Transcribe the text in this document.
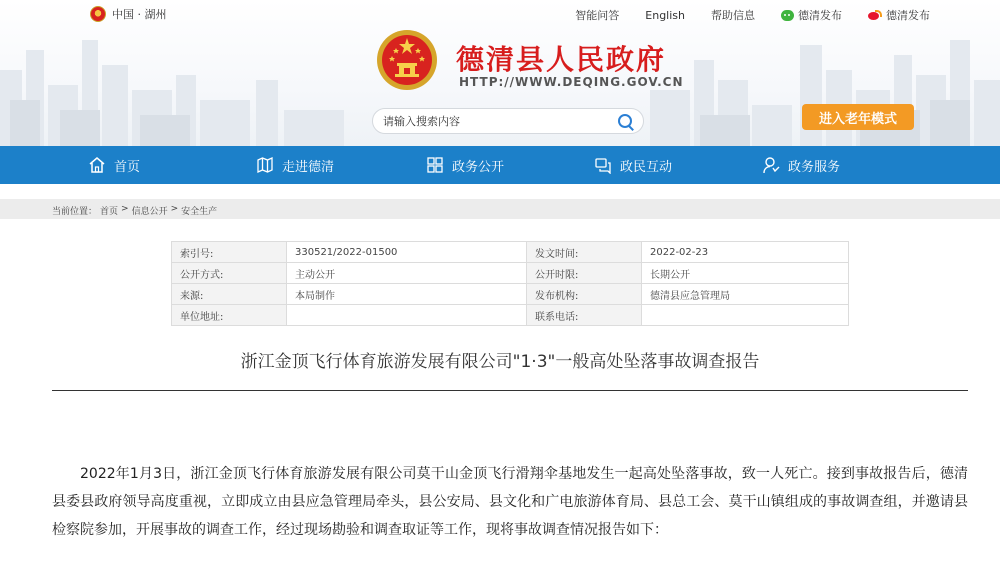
中国 · 湖州	智能问答 English 帮助信息	德清发布	德清发布
德清县人民政府
HTTP://WWW.DEQING.GOV.CN
请输入搜索内容
进入老年模式
首页	走进德清	政务公开	政民互动	政务服务
当前位置： 首页 > 信息公开 > 安全生产
索引号:	330521/2022-01500	发文时间:	2022-02-23
公开方式:	主动公开	公开时限:	长期公开
来源:	本局制作	发布机构:	德清县应急管理局
单位地址:		联系电话:	
浙江金顶飞行体育旅游发展有限公司"1·3"一般高处坠落事故调查报告

2022年1月3日，浙江金顶飞行体育旅游发展有限公司莫干山金顶飞行滑翔伞基地发生一起高处坠落事故，致一人死亡。接到事故报告后，德清县委县政府领导高度重视，立即成立由县应急管理局牵头，县公安局、县文化和广电旅游体育局、县总工会、莫干山镇组成的事故调查组，并邀请县检察院参加，开展事故的调查工作，经过现场勘验和调查取证等工作，现将事故调查情况报告如下：
